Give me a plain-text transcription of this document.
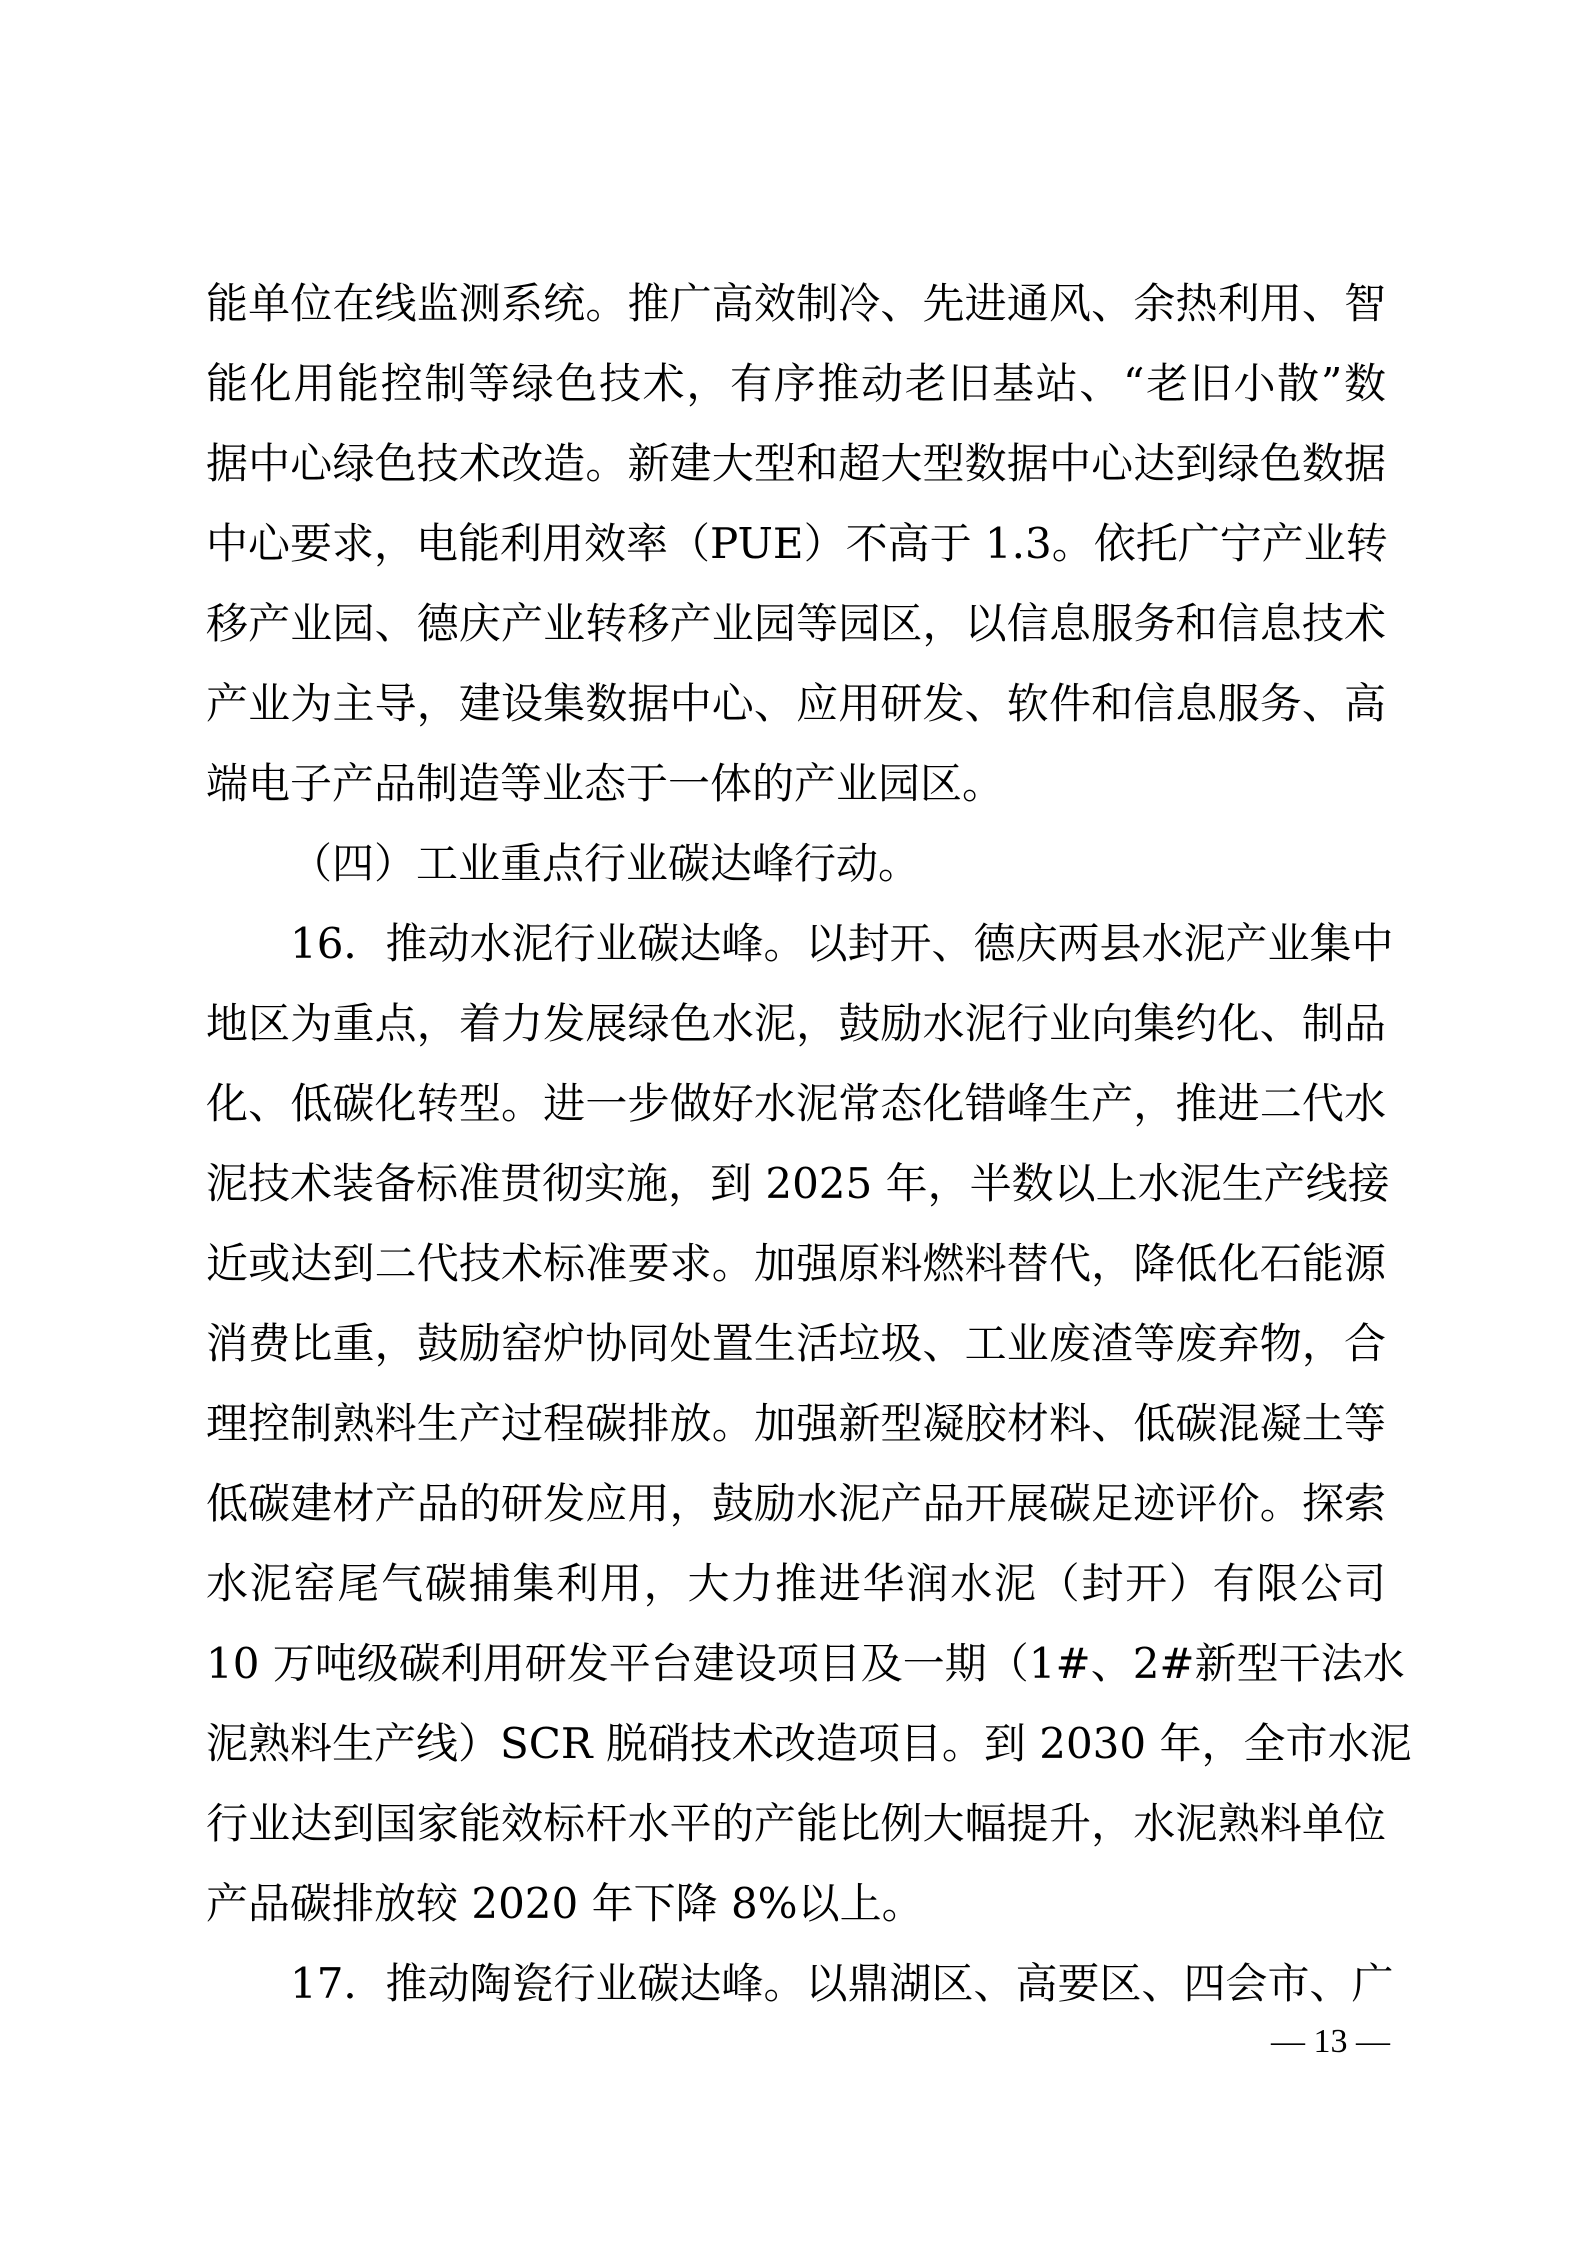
能单位在线监测系统。推广高效制冷、先进通风、余热利用、智
能化用能控制等绿色技术，有序推动老旧基站、“老旧小散”数
据中心绿色技术改造。新建大型和超大型数据中心达到绿色数据
中心要求，电能利用效率（PUE）不高于 1.3。依托广宁产业转
移产业园、德庆产业转移产业园等园区，以信息服务和信息技术
产业为主导，建设集数据中心、应用研发、软件和信息服务、高
端电子产品制造等业态于一体的产业园区。
（四）工业重点行业碳达峰行动。
16．推动水泥行业碳达峰。以封开、德庆两县水泥产业集中
地区为重点，着力发展绿色水泥，鼓励水泥行业向集约化、制品
化、低碳化转型。进一步做好水泥常态化错峰生产，推进二代水
泥技术装备标准贯彻实施，到 2025 年，半数以上水泥生产线接
近或达到二代技术标准要求。加强原料燃料替代，降低化石能源
消费比重，鼓励窑炉协同处置生活垃圾、工业废渣等废弃物，合
理控制熟料生产过程碳排放。加强新型凝胶材料、低碳混凝土等
低碳建材产品的研发应用，鼓励水泥产品开展碳足迹评价。探索
水泥窑尾气碳捕集利用，大力推进华润水泥（封开）有限公司
10 万吨级碳利用研发平台建设项目及一期（1#、2#新型干法水
泥熟料生产线）SCR 脱硝技术改造项目。到 2030 年，全市水泥
行业达到国家能效标杆水平的产能比例大幅提升，水泥熟料单位
产品碳排放较 2020 年下降 8%以上。
17．推动陶瓷行业碳达峰。以鼎湖区、高要区、四会市、广
— 13 —
